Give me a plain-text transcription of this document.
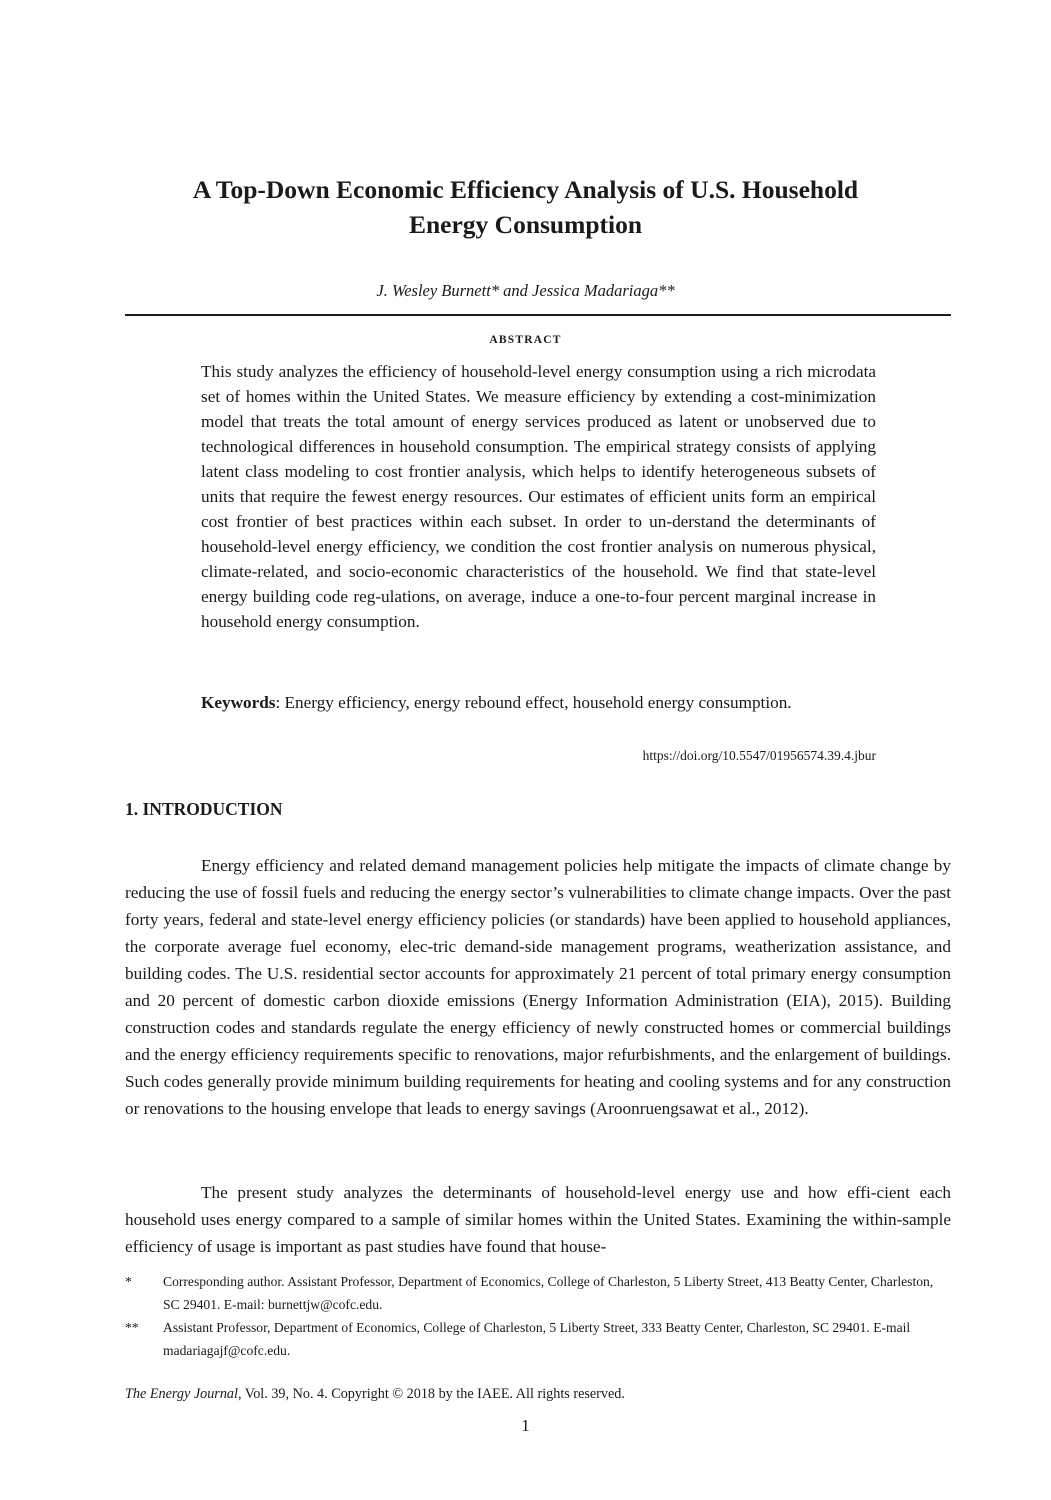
A Top-Down Economic Efficiency Analysis of U.S. Household
Energy Consumption
J. Wesley Burnett* and Jessica Madariaga**
ABSTRACT
This study analyzes the efficiency of household-level energy consumption using a rich microdata set of homes within the United States. We measure efficiency by extending a cost-minimization model that treats the total amount of energy services produced as latent or unobserved due to technological differences in household consumption. The empirical strategy consists of applying latent class modeling to cost frontier analysis, which helps to identify heterogeneous subsets of units that require the fewest energy resources. Our estimates of efficient units form an empirical cost frontier of best practices within each subset. In order to un-derstand the determinants of household-level energy efficiency, we condition the cost frontier analysis on numerous physical, climate-related, and socio-economic characteristics of the household. We find that state-level energy building code reg-ulations, on average, induce a one-to-four percent marginal increase in household energy consumption.
Keywords: Energy efficiency, energy rebound effect, household energy consumption.
https://doi.org/10.5547/01956574.39.4.jbur
1. INTRODUCTION
Energy efficiency and related demand management policies help mitigate the impacts of climate change by reducing the use of fossil fuels and reducing the energy sector’s vulnerabilities to climate change impacts. Over the past forty years, federal and state-level energy efficiency policies (or standards) have been applied to household appliances, the corporate average fuel economy, elec-tric demand-side management programs, weatherization assistance, and building codes. The U.S. residential sector accounts for approximately 21 percent of total primary energy consumption and 20 percent of domestic carbon dioxide emissions (Energy Information Administration (EIA), 2015). Building construction codes and standards regulate the energy efficiency of newly constructed homes or commercial buildings and the energy efficiency requirements specific to renovations, major refurbishments, and the enlargement of buildings. Such codes generally provide minimum building requirements for heating and cooling systems and for any construction or renovations to the housing envelope that leads to energy savings (Aroonruengsawat et al., 2012).
The present study analyzes the determinants of household-level energy use and how effi-cient each household uses energy compared to a sample of similar homes within the United States. Examining the within-sample efficiency of usage is important as past studies have found that house-
* Corresponding author. Assistant Professor, Department of Economics, College of Charleston, 5 Liberty Street, 413 Beatty Center, Charleston, SC 29401. E-mail: burnettjw@cofc.edu.
** Assistant Professor, Department of Economics, College of Charleston, 5 Liberty Street, 333 Beatty Center, Charleston, SC 29401. E-mail madariagajf@cofc.edu.
The Energy Journal, Vol. 39, No. 4. Copyright © 2018 by the IAEE. All rights reserved.
1
